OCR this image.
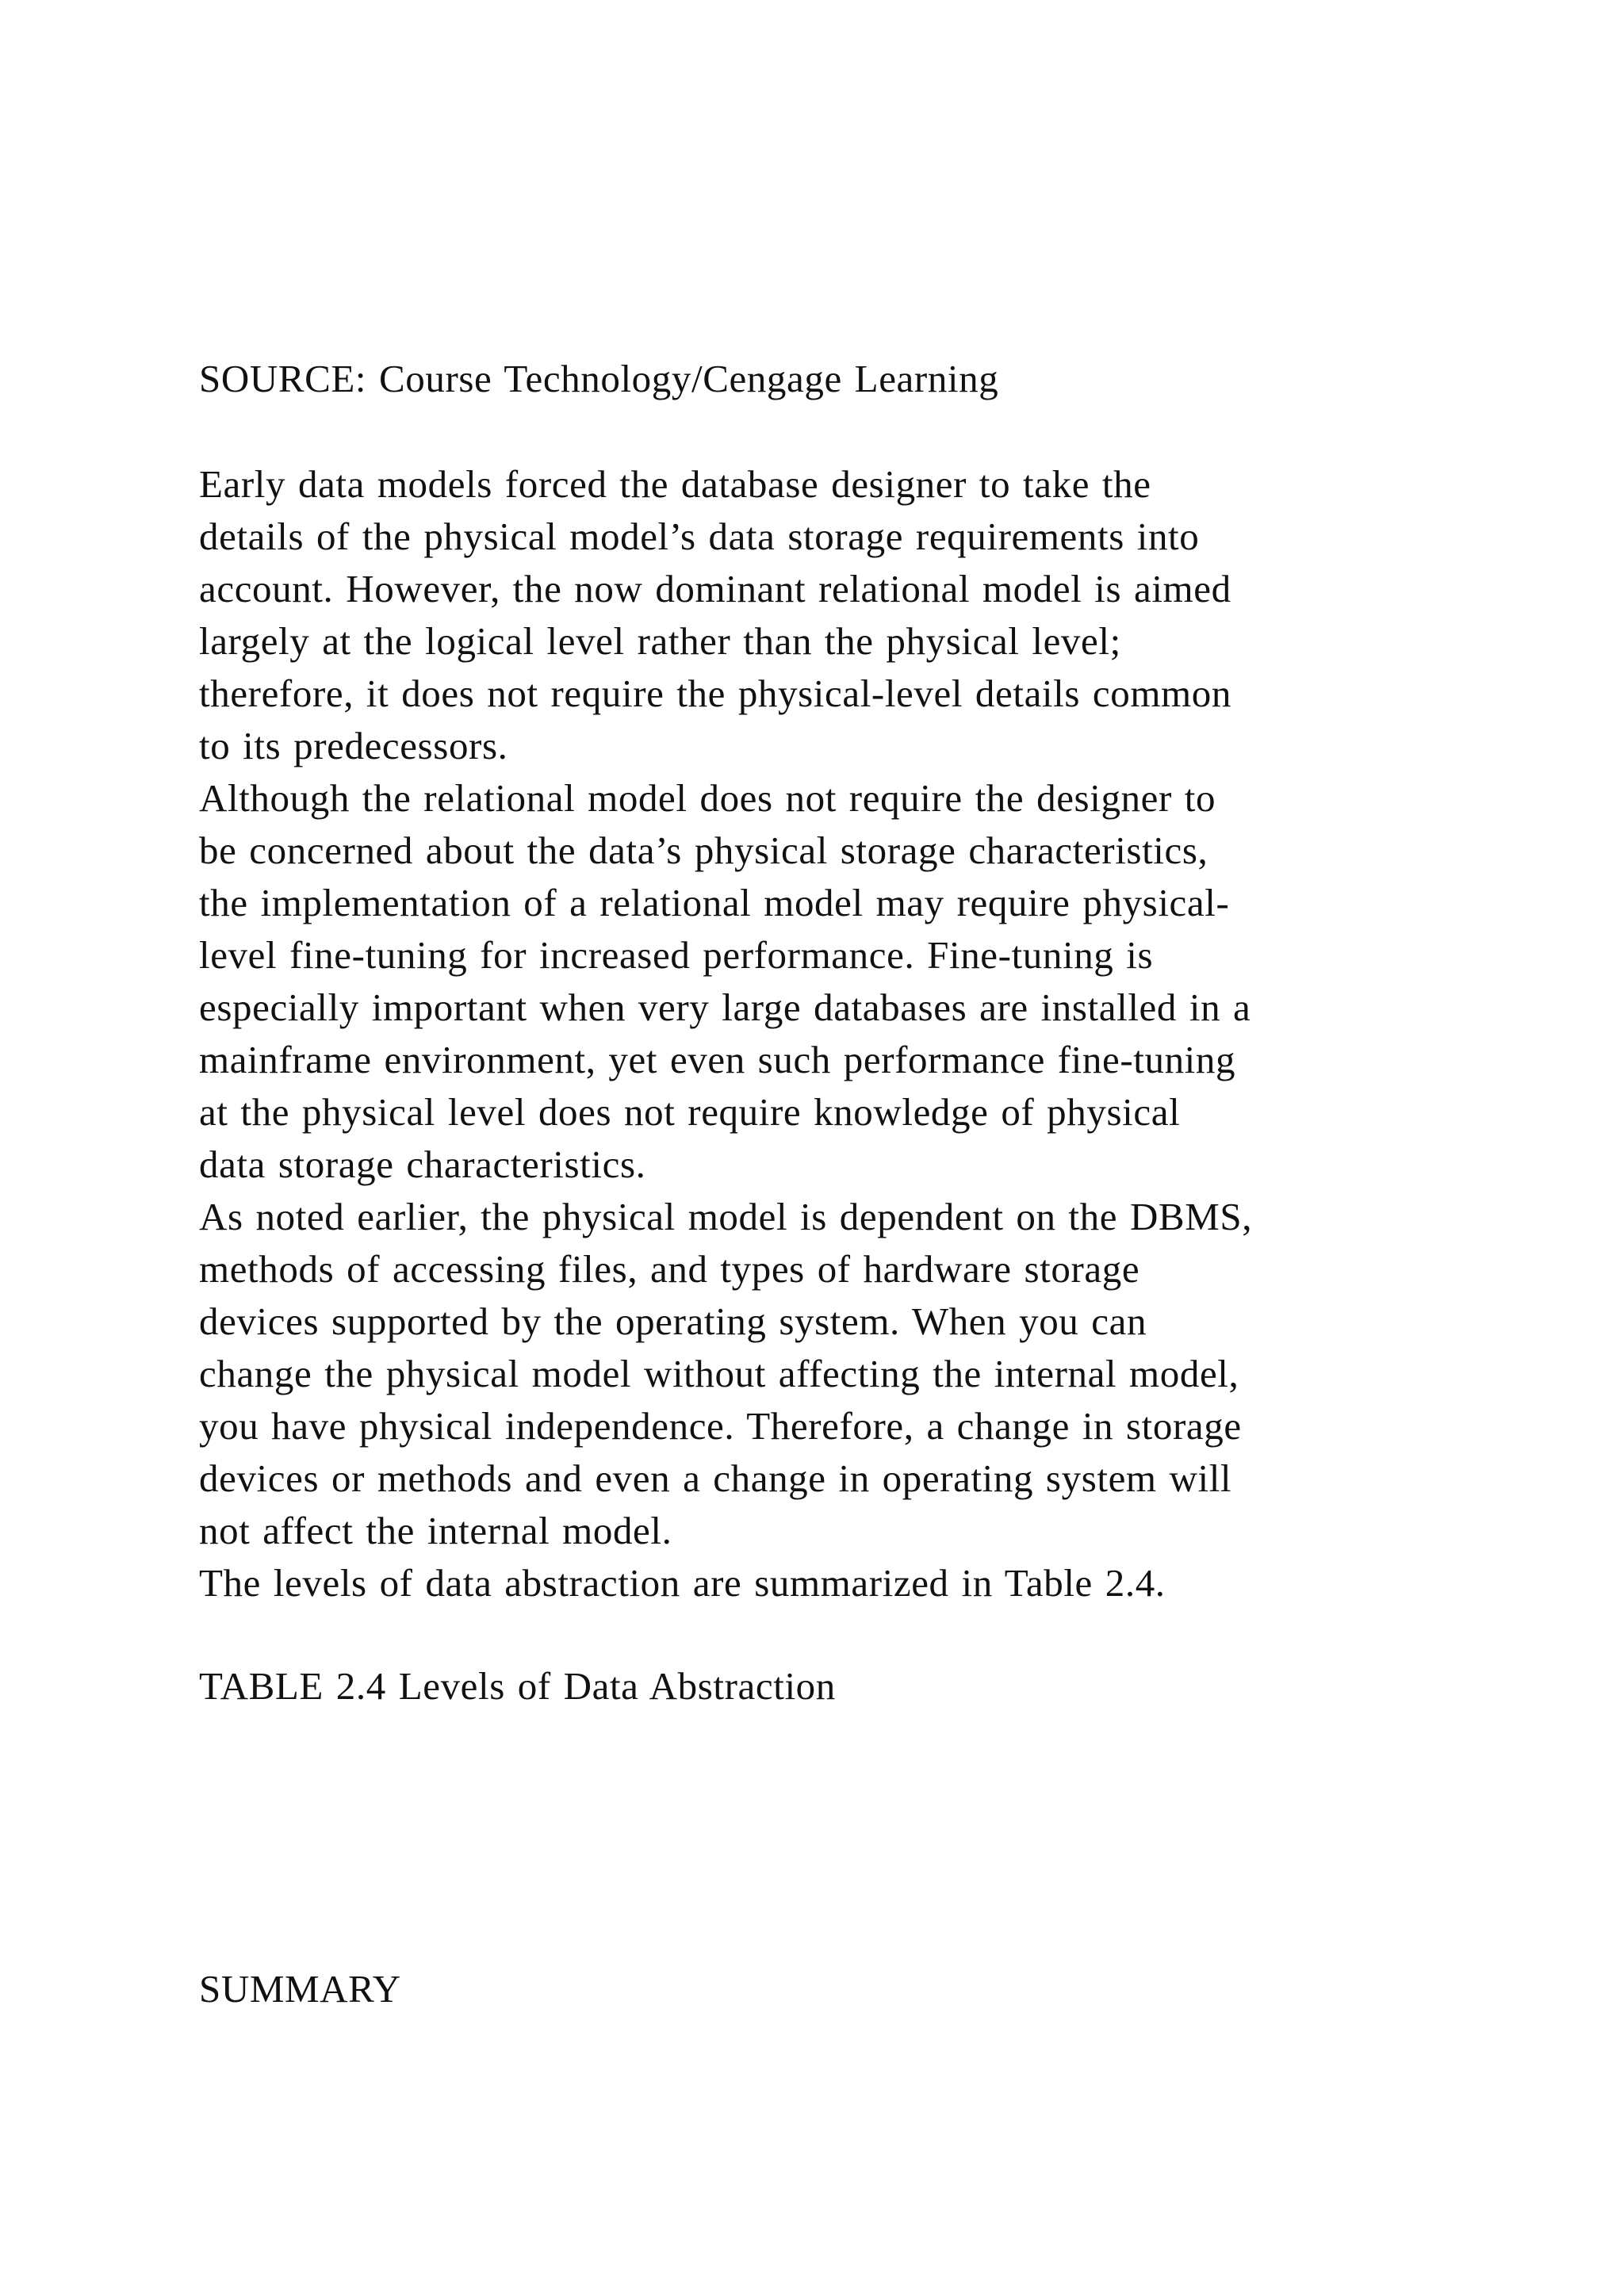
SOURCE: Course Technology/Cengage Learning
Early data models forced the database designer to take the
details of the physical model’s data storage requirements into
account. However, the now dominant relational model is aimed
largely at the logical level rather than the physical level;
therefore, it does not require the physical-level details common
to its predecessors.
Although the relational model does not require the designer to
be concerned about the data’s physical storage characteristics,
the implementation of a relational model may require physical-
level fine-tuning for increased performance. Fine-tuning is
especially important when very large databases are installed in a
mainframe environment, yet even such performance fine-tuning
at the physical level does not require knowledge of physical
data storage characteristics.
As noted earlier, the physical model is dependent on the DBMS,
methods of accessing files, and types of hardware storage
devices supported by the operating system. When you can
change the physical model without affecting the internal model,
you have physical independence. Therefore, a change in storage
devices or methods and even a change in operating system will
not affect the internal model.
The levels of data abstraction are summarized in Table 2.4.
TABLE 2.4 Levels of Data Abstraction
SUMMARY
